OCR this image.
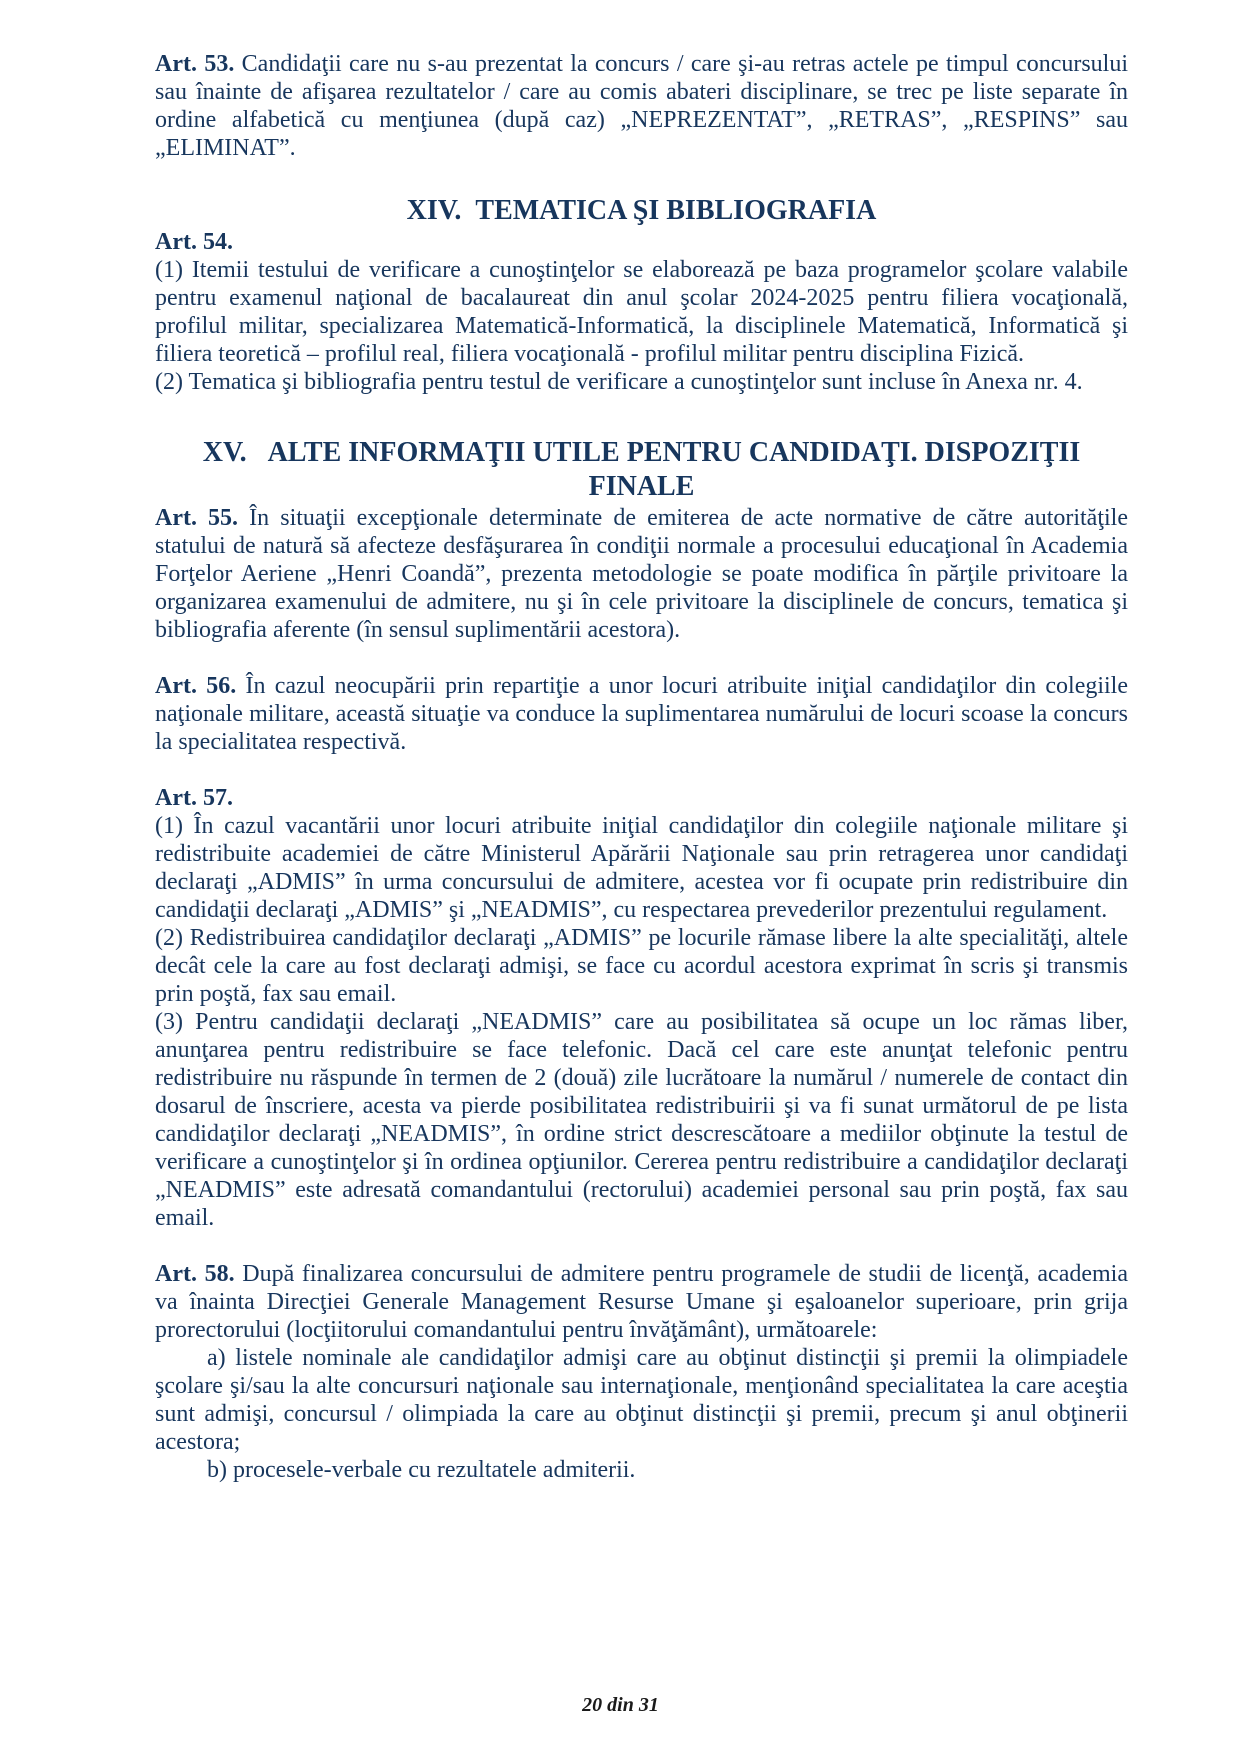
Art. 53. Candidaţii care nu s-au prezentat la concurs / care şi-au retras actele pe timpul concursului sau înainte de afişarea rezultatelor / care au comis abateri disciplinare, se trec pe liste separate în ordine alfabetică cu menţiunea (după caz) „NEPREZENTAT”, „RETRAS”, „RESPINS” sau „ELIMINAT”.

XIV.  TEMATICA ŞI BIBLIOGRAFIA

Art. 54.

(1) Itemii testului de verificare a cunoştinţelor se elaborează pe baza programelor şcolare valabile pentru examenul naţional de bacalaureat din anul şcolar 2024-2025 pentru filiera vocaţională, profilul militar, specializarea Matematică-Informatică, la disciplinele Matematică, Informatică şi filiera teoretică – profilul real, filiera vocaţională - profilul militar pentru disciplina Fizică.

(2) Tematica şi bibliografia pentru testul de verificare a cunoştinţelor sunt incluse în Anexa nr. 4.

XV.   ALTE INFORMAŢII UTILE PENTRU CANDIDAŢI. DISPOZIŢII FINALE

Art. 55. În situaţii excepţionale determinate de emiterea de acte normative de către autorităţile statului de natură să afecteze desfăşurarea în condiţii normale a procesului educaţional în Academia Forţelor Aeriene „Henri Coandă”, prezenta metodologie se poate modifica în părţile privitoare la organizarea examenului de admitere, nu şi în cele privitoare la disciplinele de concurs, tematica şi bibliografia aferente (în sensul suplimentării acestora).

Art. 56. În cazul neocupării prin repartiţie a unor locuri atribuite iniţial candidaţilor din colegiile naţionale militare, această situaţie va conduce la suplimentarea numărului de locuri scoase la concurs la specialitatea respectivă.

Art. 57.

(1) În cazul vacantării unor locuri atribuite iniţial candidaţilor din colegiile naţionale militare şi redistribuite academiei de către Ministerul Apărării Naţionale sau prin retragerea unor candidaţi declaraţi „ADMIS” în urma concursului de admitere, acestea vor fi ocupate prin redistribuire din candidaţii declaraţi „ADMIS” şi „NEADMIS”, cu respectarea prevederilor prezentului regulament.

(2) Redistribuirea candidaţilor declaraţi „ADMIS” pe locurile rămase libere la alte specialităţi, altele decât cele la care au fost declaraţi admişi, se face cu acordul acestora exprimat în scris şi transmis prin poştă, fax sau email.

(3) Pentru candidaţii declaraţi „NEADMIS” care au posibilitatea să ocupe un loc rămas liber, anunţarea pentru redistribuire se face telefonic. Dacă cel care este anunţat telefonic pentru redistribuire nu răspunde în termen de 2 (două) zile lucrătoare la numărul / numerele de contact din dosarul de înscriere, acesta va pierde posibilitatea redistribuirii şi va fi sunat următorul de pe lista candidaţilor declaraţi „NEADMIS”, în ordine strict descrescătoare a mediilor obţinute la testul de verificare a cunoştinţelor şi în ordinea opţiunilor. Cererea pentru redistribuire a candidaţilor declaraţi „NEADMIS” este adresată comandantului (rectorului) academiei personal sau prin poştă, fax sau email.

Art. 58. După finalizarea concursului de admitere pentru programele de studii de licenţă, academia va înainta Direcţiei Generale Management Resurse Umane şi eşaloanelor superioare, prin grija prorectorului (locţiitorului comandantului pentru învăţământ), următoarele:

a) listele nominale ale candidaţilor admişi care au obţinut distincţii şi premii la olimpiadele şcolare şi/sau la alte concursuri naţionale sau internaţionale, menţionând specialitatea la care aceştia sunt admişi, concursul / olimpiada la care au obţinut distincţii şi premii, precum şi anul obţinerii acestora;

b) procesele-verbale cu rezultatele admiterii.

20 din 31
